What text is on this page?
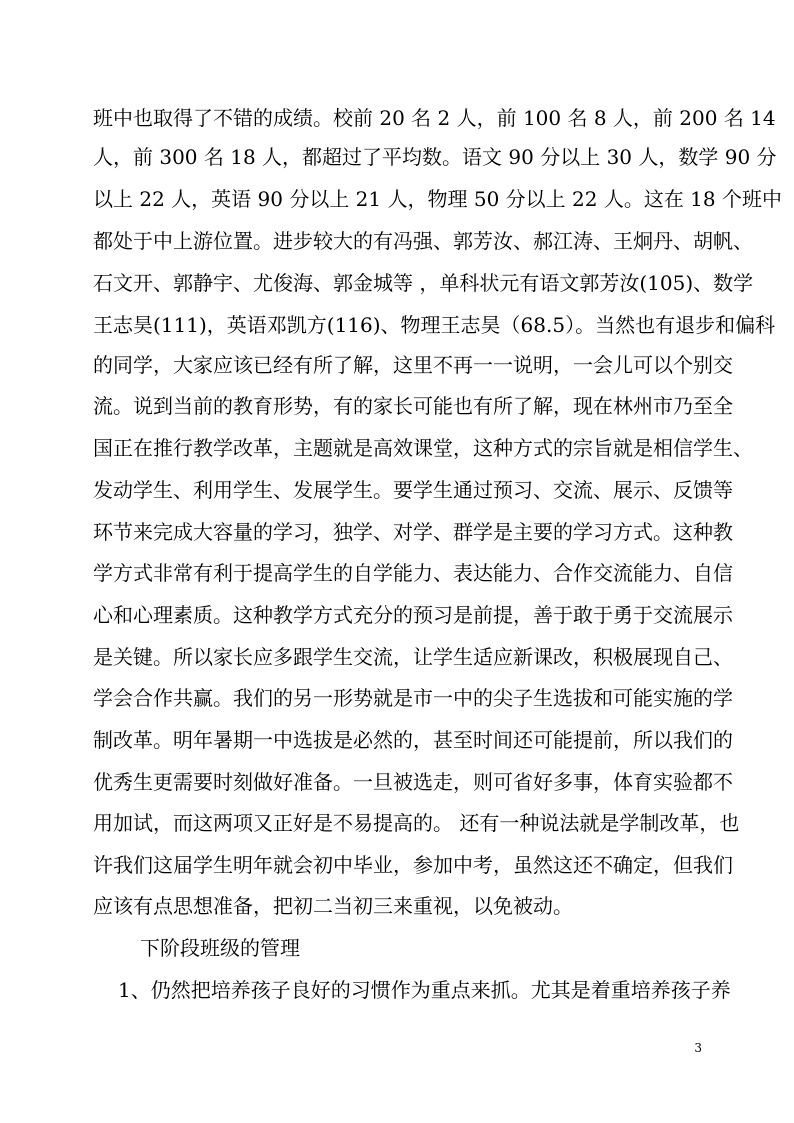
班中也取得了不错的成绩。校前 20 名 2 人，前 100 名 8 人，前 200 名 14
人，前 300 名 18 人，都超过了平均数。语文 90 分以上 30 人，数学 90 分
以上 22 人，英语 90 分以上 21 人，物理 50 分以上 22 人。这在 18 个班中
都处于中上游位置。进步较大的有冯强、郭芳汝、郝江涛、王炯丹、胡帆、
石文开、郭静宇、尤俊海、郭金城等 ，单科状元有语文郭芳汝(105)、数学
王志昊(111)，英语邓凯方(116)、物理王志昊（68.5）。当然也有退步和偏科
的同学，大家应该已经有所了解，这里不再一一说明，一会儿可以个别交
流。说到当前的教育形势，有的家长可能也有所了解，现在林州市乃至全
国正在推行教学改革，主题就是高效课堂，这种方式的宗旨就是相信学生、
发动学生、利用学生、发展学生。要学生通过预习、交流、展示、反馈等
环节来完成大容量的学习，独学、对学、群学是主要的学习方式。这种教
学方式非常有利于提高学生的自学能力、表达能力、合作交流能力、自信
心和心理素质。这种教学方式充分的预习是前提，善于敢于勇于交流展示
是关键。所以家长应多跟学生交流，让学生适应新课改，积极展现自己、
学会合作共赢。我们的另一形势就是市一中的尖子生选拔和可能实施的学
制改革。明年暑期一中选拔是必然的，甚至时间还可能提前，所以我们的
优秀生更需要时刻做好准备。一旦被选走，则可省好多事，体育实验都不
用加试，而这两项又正好是不易提高的。 还有一种说法就是学制改革，也
许我们这届学生明年就会初中毕业，参加中考，虽然这还不确定，但我们
应该有点思想准备，把初二当初三来重视，以免被动。
下阶段班级的管理
1、仍然把培养孩子良好的习惯作为重点来抓。尤其是着重培养孩子养
3
